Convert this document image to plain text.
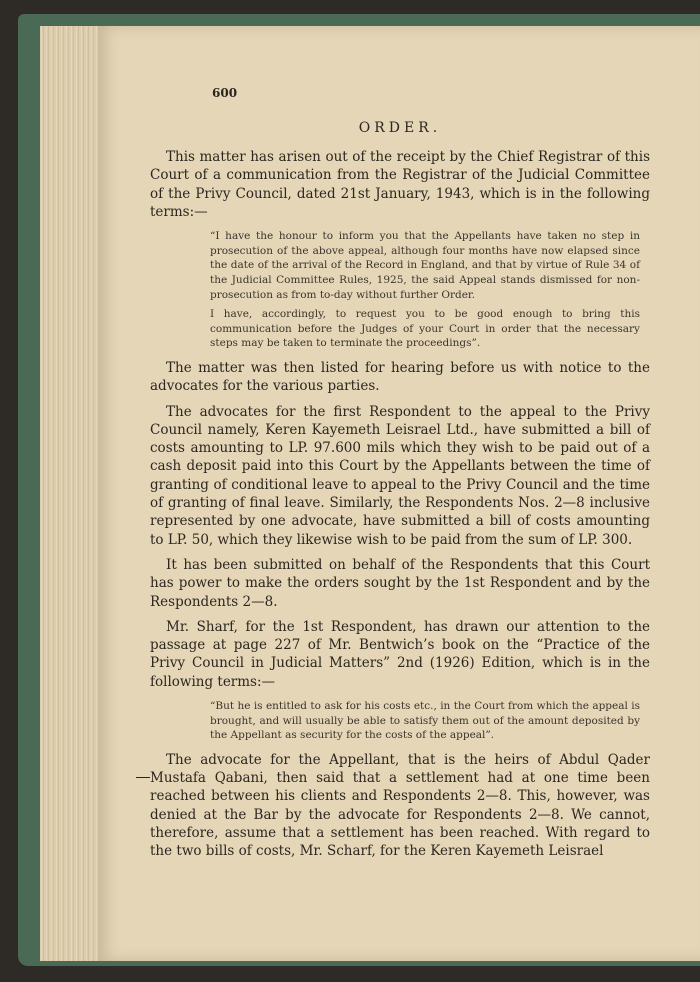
600
ORDER.

This matter has arisen out of the receipt by the Chief Registrar of this Court of a communication from the Registrar of the Judicial Committee of the Privy Council, dated 21st January, 1943, which is in the following terms:—

“I have the honour to inform you that the Appellants have taken no step in prosecution of the above appeal, although four months have now elapsed since the date of the arrival of the Record in England, and that by virtue of Rule 34 of the Judicial Committee Rules, 1925, the said Appeal stands dismissed for non-prosecution as from to-day without further Order.

I have, accordingly, to request you to be good enough to bring this communication before the Judges of your Court in order that the necessary steps may be taken to terminate the proceedings”.

The matter was then listed for hearing before us with notice to the advocates for the various parties.

The advocates for the first Respondent to the appeal to the Privy Council namely, Keren Kayemeth Leisrael Ltd., have submitted a bill of costs amounting to LP. 97.600 mils which they wish to be paid out of a cash deposit paid into this Court by the Appellants between the time of granting of conditional leave to appeal to the Privy Council and the time of granting of final leave. Similarly, the Respondents Nos. 2—8 inclusive represented by one advocate, have submitted a bill of costs amounting to LP. 50, which they likewise wish to be paid from the sum of LP. 300.

It has been submitted on behalf of the Respondents that this Court has power to make the orders sought by the 1st Respondent and by the Respondents 2—8.

Mr. Sharf, for the 1st Respondent, has drawn our attention to the passage at page 227 of Mr. Bentwich’s book on the “Practice of the Privy Council in Judicial Matters” 2nd (1926) Edition, which is in the following terms:—

“But he is entitled to ask for his costs etc., in the Court from which the appeal is brought, and will usually be able to satisfy them out of the amount deposited by the Appellant as security for the costs of the appeal”.

The advocate for the Appellant, that is the heirs of Abdul Qader Mustafa Qabani, then said that a settlement had at one time been reached between his clients and Respondents 2—8. This, however, was denied at the Bar by the advocate for Respondents 2—8. We cannot, therefore, assume that a settlement has been reached. With regard to the two bills of costs, Mr. Scharf, for the Keren Kayemeth Leisrael
